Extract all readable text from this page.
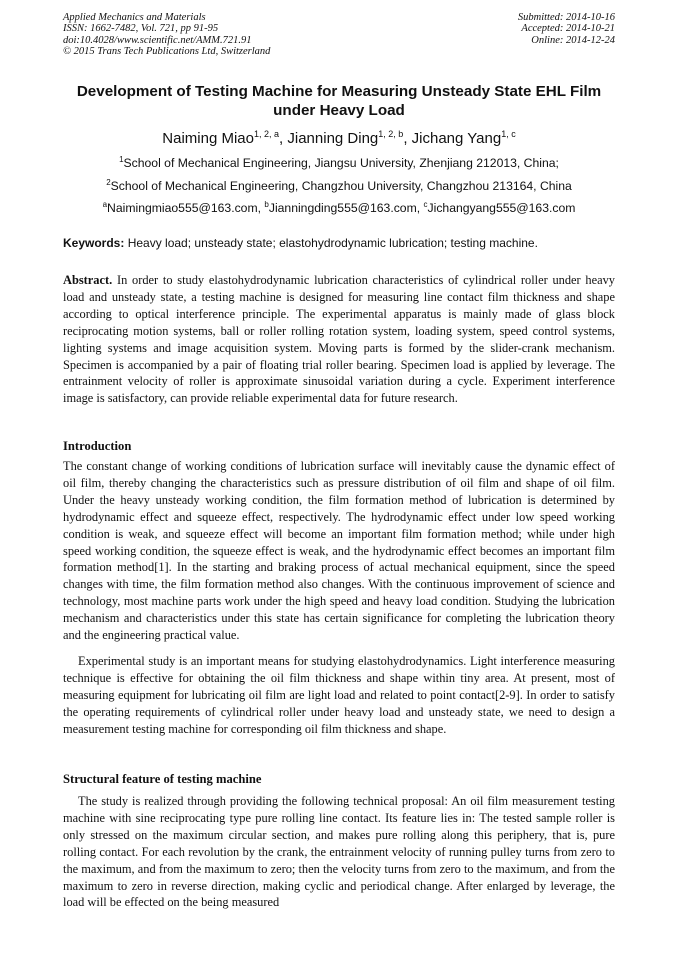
Applied Mechanics and Materials
ISSN: 1662-7482, Vol. 721, pp 91-95
doi:10.4028/www.scientific.net/AMM.721.91
© 2015 Trans Tech Publications Ltd, Switzerland
Submitted: 2014-10-16
Accepted: 2014-10-21
Online: 2014-12-24
Development of Testing Machine for Measuring Unsteady State EHL Film
under Heavy Load
Naiming Miao$^{1, 2, a}$, Jianning Ding$^{1, 2, b}$, Jichang Yang$^{1, c}$
$^1$School of Mechanical Engineering, Jiangsu University, Zhenjiang 212013, China;
$^2$School of Mechanical Engineering, Changzhou University, Changzhou 213164, China
$^a$Naimingmiao555@163.com, $^b$Jianningding555@163.com, $^c$Jichangyang555@163.com
Keywords: Heavy load; unsteady state; elastohydrodynamic lubrication; testing machine.

Abstract. In order to study elastohydrodynamic lubrication characteristics of cylindrical roller under heavy load and unsteady state, a testing machine is designed for measuring line contact film thickness and shape according to optical interference principle. The experimental apparatus is mainly made of glass block reciprocating motion systems, ball or roller rolling rotation system, loading system, speed control systems, lighting systems and image acquisition system. Moving parts is formed by the slider-crank mechanism. Specimen is accompanied by a pair of floating trial roller bearing. Specimen load is applied by leverage. The entrainment velocity of roller is approximate sinusoidal variation during a cycle. Experiment interference image is satisfactory, can provide reliable experimental data for future research.

Introduction

The constant change of working conditions of lubrication surface will inevitably cause the dynamic effect of oil film, thereby changing the characteristics such as pressure distribution of oil film and shape of oil film. Under the heavy unsteady working condition, the film formation method of lubrication is determined by hydrodynamic effect and squeeze effect, respectively. The hydrodynamic effect under low speed working condition is weak, and squeeze effect will become an important film formation method; while under high speed working condition, the squeeze effect is weak, and the hydrodynamic effect becomes an important film formation method[1]. In the starting and braking process of actual mechanical equipment, since the speed changes with time, the film formation method also changes. With the continuous improvement of science and technology, most machine parts work under the high speed and heavy load condition. Studying the lubrication mechanism and characteristics under this state has certain significance for completing the lubrication theory and the engineering practical value.

Experimental study is an important means for studying elastohydrodynamics. Light interference measuring technique is effective for obtaining the oil film thickness and shape within tiny area. At present, most of measuring equipment for lubricating oil film are light load and related to point contact[2-9]. In order to satisfy the operating requirements of cylindrical roller under heavy load and unsteady state, we need to design a measurement testing machine for corresponding oil film thickness and shape.

Structural feature of testing machine

The study is realized through providing the following technical proposal: An oil film measurement testing machine with sine reciprocating type pure rolling line contact. Its feature lies in: The tested sample roller is only stressed on the maximum circular section, and makes pure rolling along this periphery, that is, pure rolling contact. For each revolution by the crank, the entrainment velocity of running pulley turns from zero to the maximum, and from the maximum to zero; then the velocity turns from zero to the maximum, and from the maximum to zero in reverse direction, making cyclic and periodical change. After enlarged by leverage, the load will be effected on the being measured
